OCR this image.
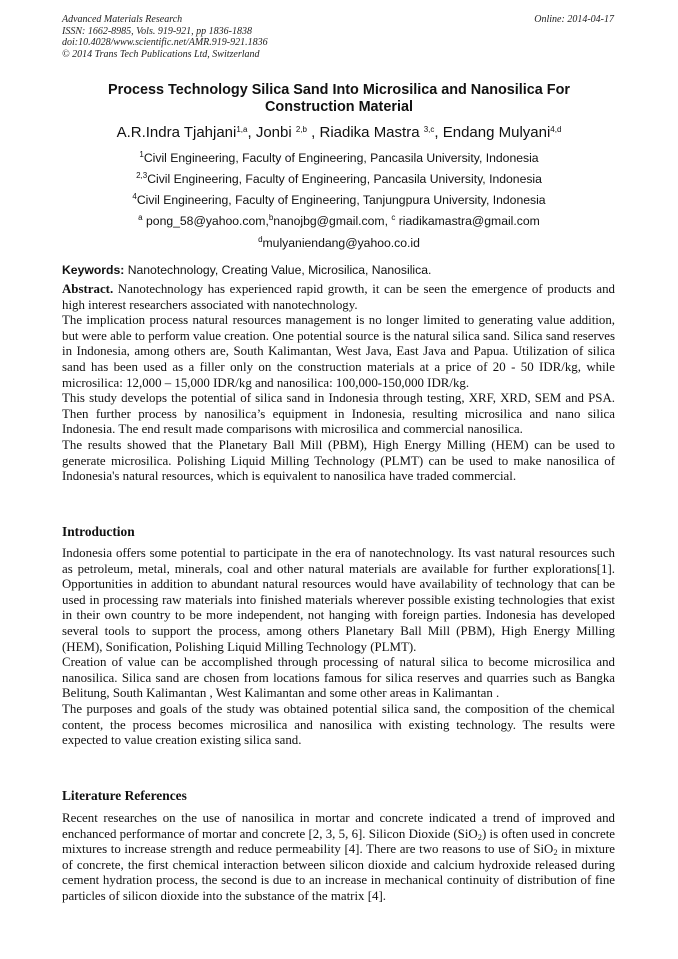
Advanced Materials Research
ISSN: 1662-8985, Vols. 919-921, pp 1836-1838
doi:10.4028/www.scientific.net/AMR.919-921.1836
© 2014 Trans Tech Publications Ltd, Switzerland
Online: 2014-04-17
Process Technology Silica Sand Into Microsilica and Nanosilica For Construction Material
A.R.Indra Tjahjani$^{1,a}$, Jonbi $^{2,b}$ , Riadika Mastra $^{3,c}$, Endang Mulyani$^{4,d}$
$^1$Civil Engineering, Faculty of Engineering, Pancasila University, Indonesia
$^{2,3}$Civil Engineering, Faculty of Engineering, Pancasila University, Indonesia
$^4$Civil Engineering, Faculty of Engineering, Tanjungpura University, Indonesia
$^a$ pong_58@yahoo.com,$^b$nanojbg@gmail.com, $^c$ riadikamastra@gmail.com
$^d$mulyaniendang@yahoo.co.id
Keywords: Nanotechnology, Creating Value, Microsilica, Nanosilica.

Abstract. Nanotechnology has experienced rapid growth, it can be seen the emergence of products and high interest researchers associated with nanotechnology.

The implication process natural resources management is no longer limited to generating value addition, but were able to perform value creation. One potential source is the natural silica sand. Silica sand reserves in Indonesia, among others are, South Kalimantan, West Java, East Java and Papua. Utilization of silica sand has been used as a filler only on the construction materials at a price of 20 - 50 IDR/kg, while microsilica: 12,000 – 15,000 IDR/kg and nanosilica: 100,000-150,000 IDR/kg.

This study develops the potential of silica sand in Indonesia through testing, XRF, XRD, SEM and PSA. Then further process by nanosilica’s equipment in Indonesia, resulting microsilica and nano silica Indonesia. The end result made comparisons with microsilica and commercial nanosilica.

The results showed that the Planetary Ball Mill (PBM), High Energy Milling (HEM) can be used to generate microsilica. Polishing Liquid Milling Technology (PLMT) can be used to make nanosilica of Indonesia's natural resources, which is equivalent to nanosilica have traded commercial.

Introduction

Indonesia offers some potential to participate in the era of nanotechnology. Its vast natural resources such as petroleum, metal, minerals, coal and other natural materials are available for further explorations[1]. Opportunities in addition to abundant natural resources would have availability of technology that can be used in processing raw materials into finished materials wherever possible existing technologies that exist in their own country to be more independent, not hanging with foreign parties. Indonesia has developed several tools to support the process, among others Planetary Ball Mill (PBM), High Energy Milling (HEM), Sonification, Polishing Liquid Milling Technology (PLMT).

Creation of value can be accomplished through processing of natural silica to become microsilica and nanosilica. Silica sand are chosen from locations famous for silica reserves and quarries such as Bangka Belitung, South Kalimantan , West Kalimantan and some other areas in Kalimantan .

The purposes and goals of the study was obtained potential silica sand, the composition of the chemical content, the process becomes microsilica and nanosilica with existing technology. The results were expected to value creation existing silica sand.

Literature References

Recent researches on the use of nanosilica in mortar and concrete indicated a trend of improved and enchanced performance of mortar and concrete [2, 3, 5, 6]. Silicon Dioxide (SiO$_2$) is often used in concrete mixtures to increase strength and reduce permeability [4]. There are two reasons to use of SiO$_2$ in mixture of concrete, the first chemical interaction between silicon dioxide and calcium hydroxide released during cement hydration process, the second is due to an increase in mechanical continuity of distribution of fine particles of silicon dioxide into the substance of the matrix [4].
